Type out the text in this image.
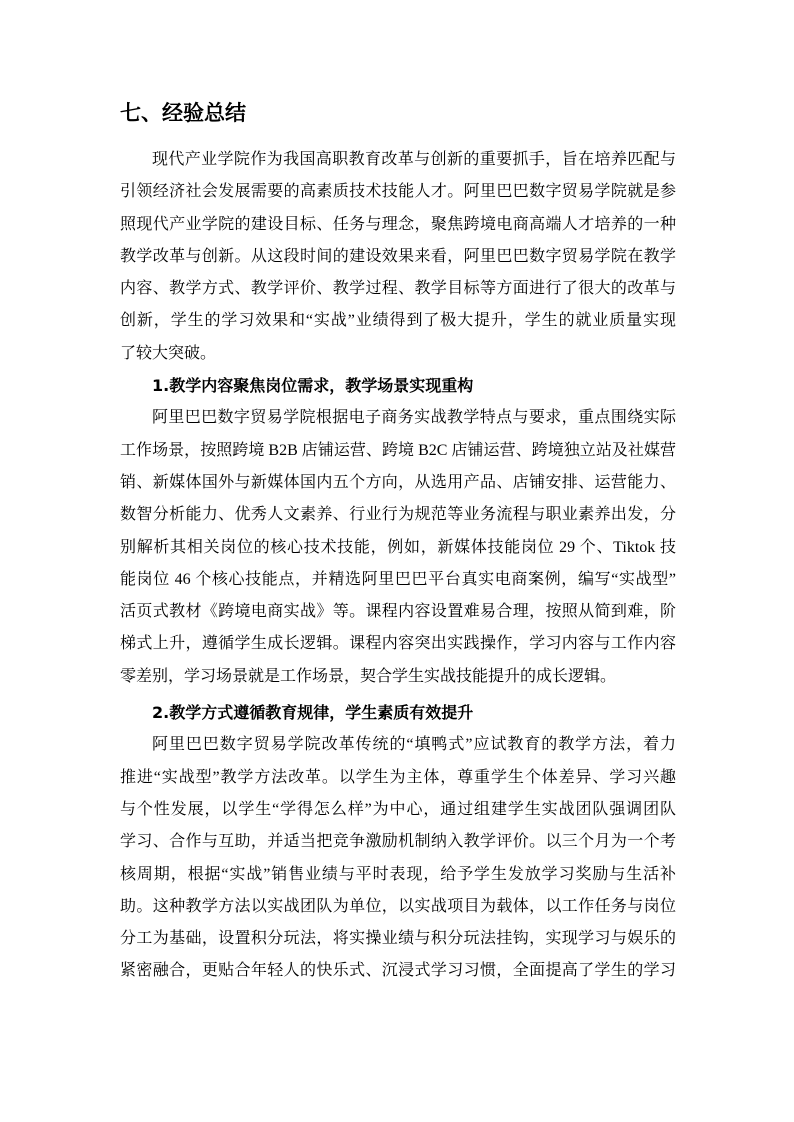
七、经验总结
现代产业学院作为我国高职教育改革与创新的重要抓手，旨在培养匹配与
引领经济社会发展需要的高素质技术技能人才。阿里巴巴数字贸易学院就是参
照现代产业学院的建设目标、任务与理念，聚焦跨境电商高端人才培养的一种
教学改革与创新。从这段时间的建设效果来看，阿里巴巴数字贸易学院在教学
内容、教学方式、教学评价、教学过程、教学目标等方面进行了很大的改革与
创新，学生的学习效果和“实战”业绩得到了极大提升，学生的就业质量实现
了较大突破。
1.教学内容聚焦岗位需求，教学场景实现重构
阿里巴巴数字贸易学院根据电子商务实战教学特点与要求，重点围绕实际
工作场景，按照跨境 B2B 店铺运营、跨境 B2C 店铺运营、跨境独立站及社媒营
销、新媒体国外与新媒体国内五个方向，从选用产品、店铺安排、运营能力、
数智分析能力、优秀人文素养、行业行为规范等业务流程与职业素养出发，分
别解析其相关岗位的核心技术技能，例如，新媒体技能岗位 29 个、Tiktok 技
能岗位 46 个核心技能点，并精选阿里巴巴平台真实电商案例，编写“实战型”
活页式教材《跨境电商实战》等。课程内容设置难易合理，按照从简到难，阶
梯式上升，遵循学生成长逻辑。课程内容突出实践操作，学习内容与工作内容
零差别，学习场景就是工作场景，契合学生实战技能提升的成长逻辑。
2.教学方式遵循教育规律，学生素质有效提升
阿里巴巴数字贸易学院改革传统的“填鸭式”应试教育的教学方法，着力
推进“实战型”教学方法改革。以学生为主体，尊重学生个体差异、学习兴趣
与个性发展，以学生“学得怎么样”为中心，通过组建学生实战团队强调团队
学习、合作与互助，并适当把竞争激励机制纳入教学评价。以三个月为一个考
核周期，根据“实战”销售业绩与平时表现，给予学生发放学习奖励与生活补
助。这种教学方法以实战团队为单位，以实战项目为载体，以工作任务与岗位
分工为基础，设置积分玩法，将实操业绩与积分玩法挂钩，实现学习与娱乐的
紧密融合，更贴合年轻人的快乐式、沉浸式学习习惯，全面提高了学生的学习
